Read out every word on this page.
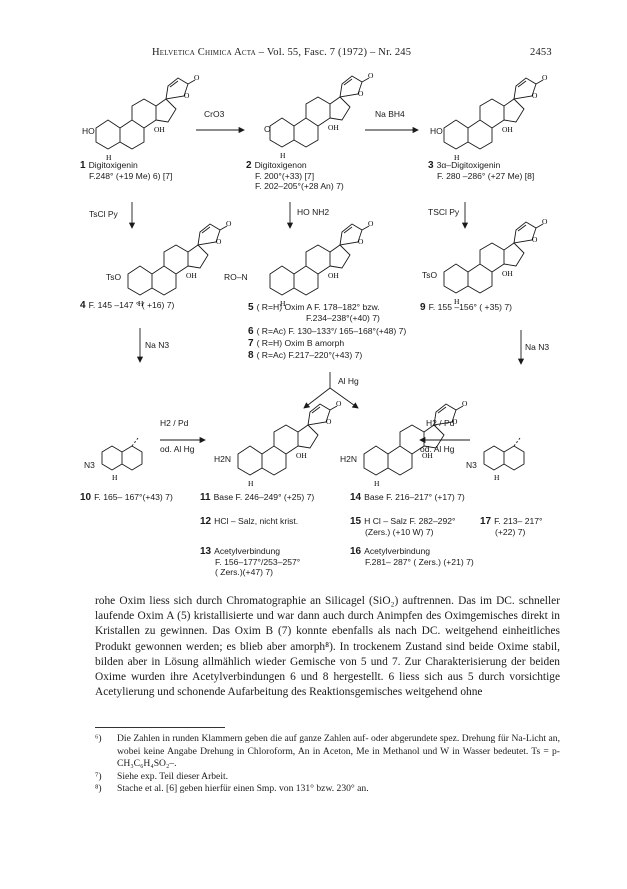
Helvetica Chimica Acta – Vol. 55, Fasc. 7 (1972) – Nr. 245	2453
HO	O	HO
TsO	RO–N	TsO
N3
H2N	H2N
N3
CrO3	Na BH4
TsCl Py	HO NH2	TSCl Py
Na N3	Na N3
Al Hg
H2 / Pd
od. Al Hg
H2 / Pd
od. Al Hg
1 Digitoxigenin
F.248° (+19 Me) 6) [7]
2 Digitoxigenon
F. 200°(+33) [7]
F. 202–205°(+28 An) 7)
3 3α–Digitoxigenin
F. 280 –286° (+27 Me) [8]
4 F. 145 –147 ° ( +16) 7)	5 ( R=H) Oxim A F. 178–182° bzw.
F.234–238°(+40) 7)
6 ( R=Ac) F. 130–133°/ 165–168°(+48) 7)
7 ( R=H) Oxim B amorph
8 ( R=Ac) F.217–220°(+43) 7)
9 F. 155 –156° ( +35) 7)
10 F. 165– 167°(+43) 7)	11 Base F. 246–249° (+25) 7)
12 HCl – Salz, nicht krist.
13 Acetylverbindung
F. 156–177°/253–257°
( Zers.)(+47) 7)
14 Base F. 216–217° (+17) 7)
15 H Cl – Salz F. 282–292°
(Zers.) (+10 W) 7)
16 Acetylverbindung
F.281– 287° ( Zers.) (+21) 7)
17 F. 213– 217°
(+22) 7)

rohe Oxim liess sich durch Chromatographie an Silicagel (SiO₂) auftrennen. Das im DC. schneller laufende Oxim A (5) kristallisierte und war dann auch durch Animpfen des Oximgemisches direkt in Kristallen zu gewinnen. Das Oxim B (7) konnte ebenfalls als nach DC. weitgehend einheitliches Produkt gewonnen werden; es blieb aber amorph⁸). In trockenem Zustand sind beide Oxime stabil, bilden aber in Lösung allmählich wieder Gemische von 5 und 7. Zur Charakterisierung der beiden Oxime wurden ihre Acetylverbindungen 6 und 8 hergestellt. 6 liess sich aus 5 durch vorsichtige Acetylierung und schonende Aufarbeitung des Reaktionsgemisches weitgehend ohne

⁶)	Die Zahlen in runden Klammern geben die auf ganze Zahlen auf- oder abgerundete spez. Drehung für Na-Licht an, wobei keine Angabe Drehung in Chloroform, An in Aceton, Me in Methanol und W in Wasser bedeutet. Ts = p-CH₃C₆H₄SO₂–.
⁷)	Siehe exp. Teil dieser Arbeit.
⁸)	Stache et al. [6] geben hierfür einen Smp. von 131° bzw. 230° an.
